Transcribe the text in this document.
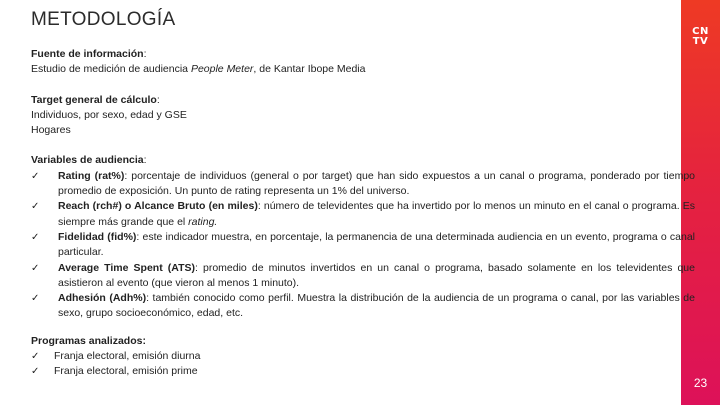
METODOLOGÍA
CN
TV
23
Fuente de información:
Estudio de medición de audiencia People Meter, de Kantar Ibope Media
Target general de cálculo:
Individuos, por sexo, edad y GSE
Hogares
Variables de audiencia:
✓	Rating (rat%): porcentaje de individuos (general o por target) que han sido expuestos a un canal o programa, ponderado por tiempo promedio de exposición. Un punto de rating representa un 1% del universo.
✓	Reach (rch#) o Alcance Bruto (en miles): número de televidentes que ha invertido por lo menos un minuto en el canal o programa. Es siempre más grande que el rating.
✓	Fidelidad (fid%): este indicador muestra, en porcentaje, la permanencia de una determinada audiencia en un evento, programa o canal particular.
✓	Average Time Spent (ATS): promedio de minutos invertidos en un canal o programa, basado solamente en los televidentes que asistieron al evento (que vieron al menos 1 minuto).
✓	Adhesión (Adh%): también conocido como perfil. Muestra la distribución de la audiencia de un programa o canal, por las variables de sexo, grupo socioeconómico, edad, etc.
Programas analizados:
✓	Franja electoral, emisión diurna
✓	Franja electoral, emisión prime
